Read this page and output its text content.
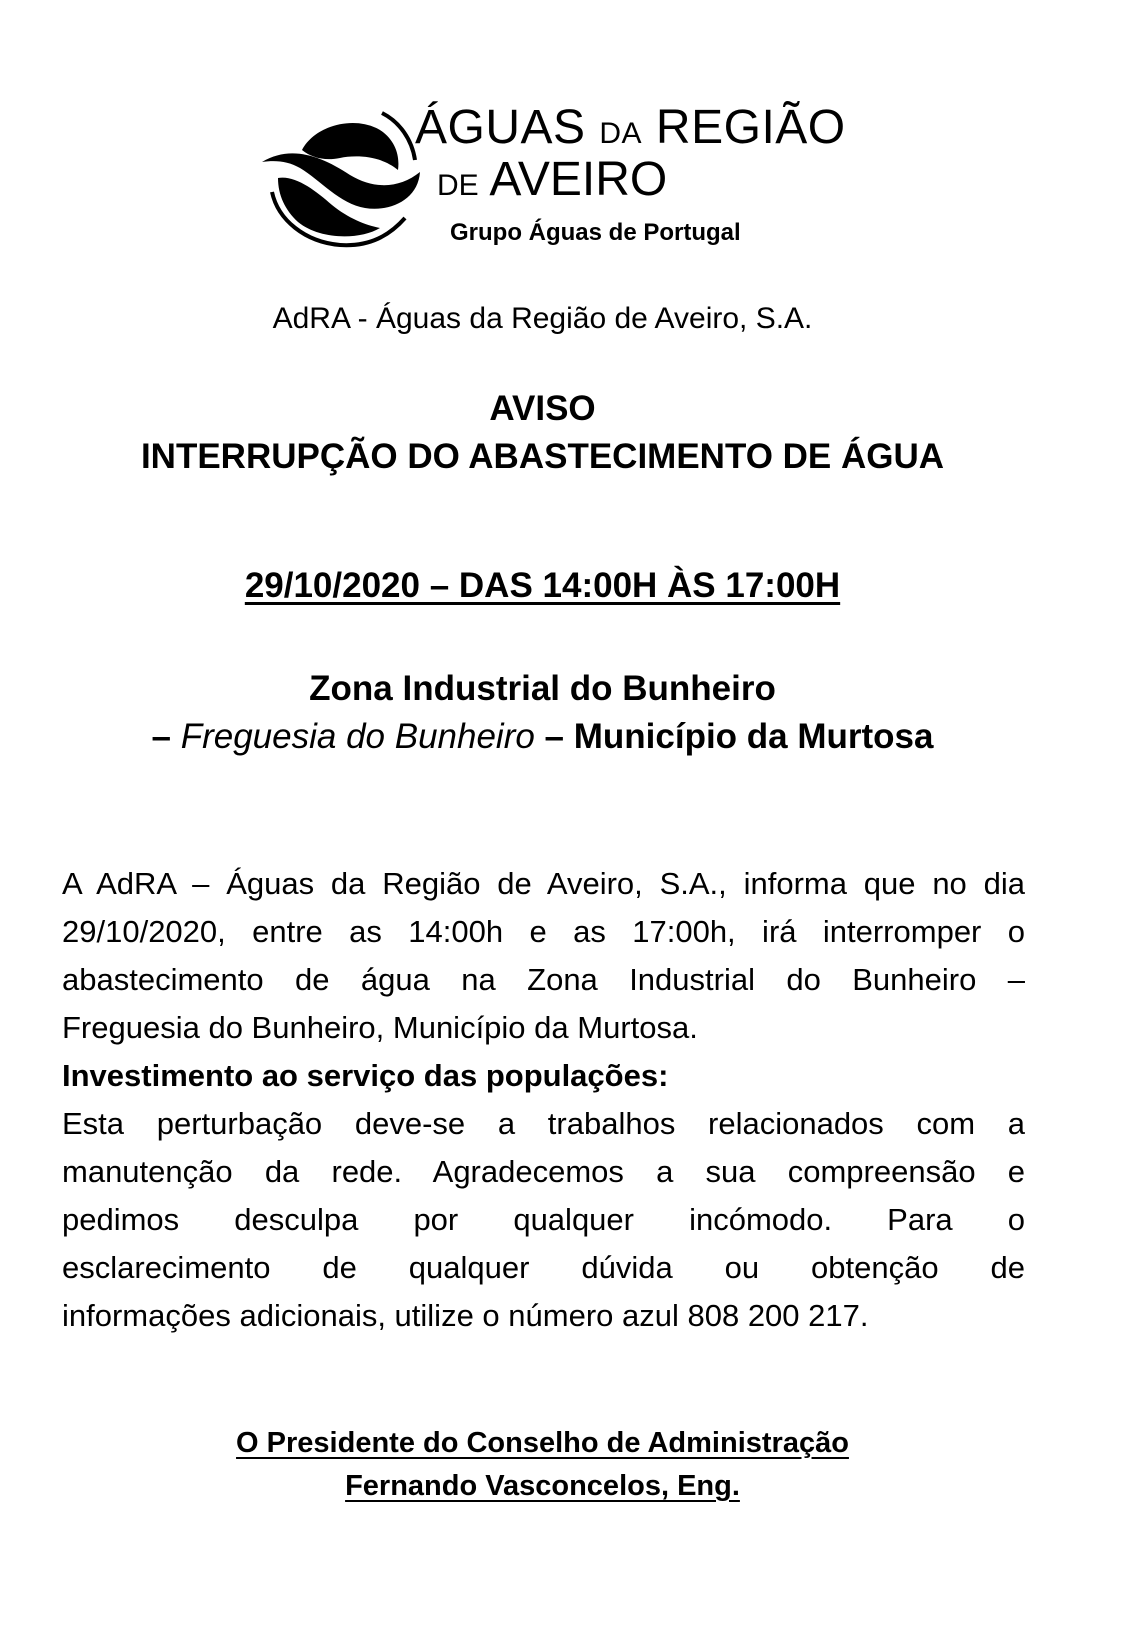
ÁGUAS DA REGIÃO
DE AVEIRO
Grupo Águas de Portugal
AdRA - Águas da Região de Aveiro, S.A.
AVISO
INTERRUPÇÃO DO ABASTECIMENTO DE ÁGUA
29/10/2020 – DAS 14:00H ÀS 17:00H
Zona Industrial do Bunheiro
– Freguesia do Bunheiro – Município da Murtosa
A AdRA – Águas da Região de Aveiro, S.A., informa que no dia
29/10/2020, entre as 14:00h e as 17:00h, irá interromper o
abastecimento de água na Zona Industrial do Bunheiro –
Freguesia do Bunheiro, Município da Murtosa.
Investimento ao serviço das populações:
Esta perturbação deve-se a trabalhos relacionados com a
manutenção da rede. Agradecemos a sua compreensão e
pedimos desculpa por qualquer incómodo. Para o
esclarecimento de qualquer dúvida ou obtenção de
informações adicionais, utilize o número azul 808 200 217.
O Presidente do Conselho de Administração
Fernando Vasconcelos, Eng.
